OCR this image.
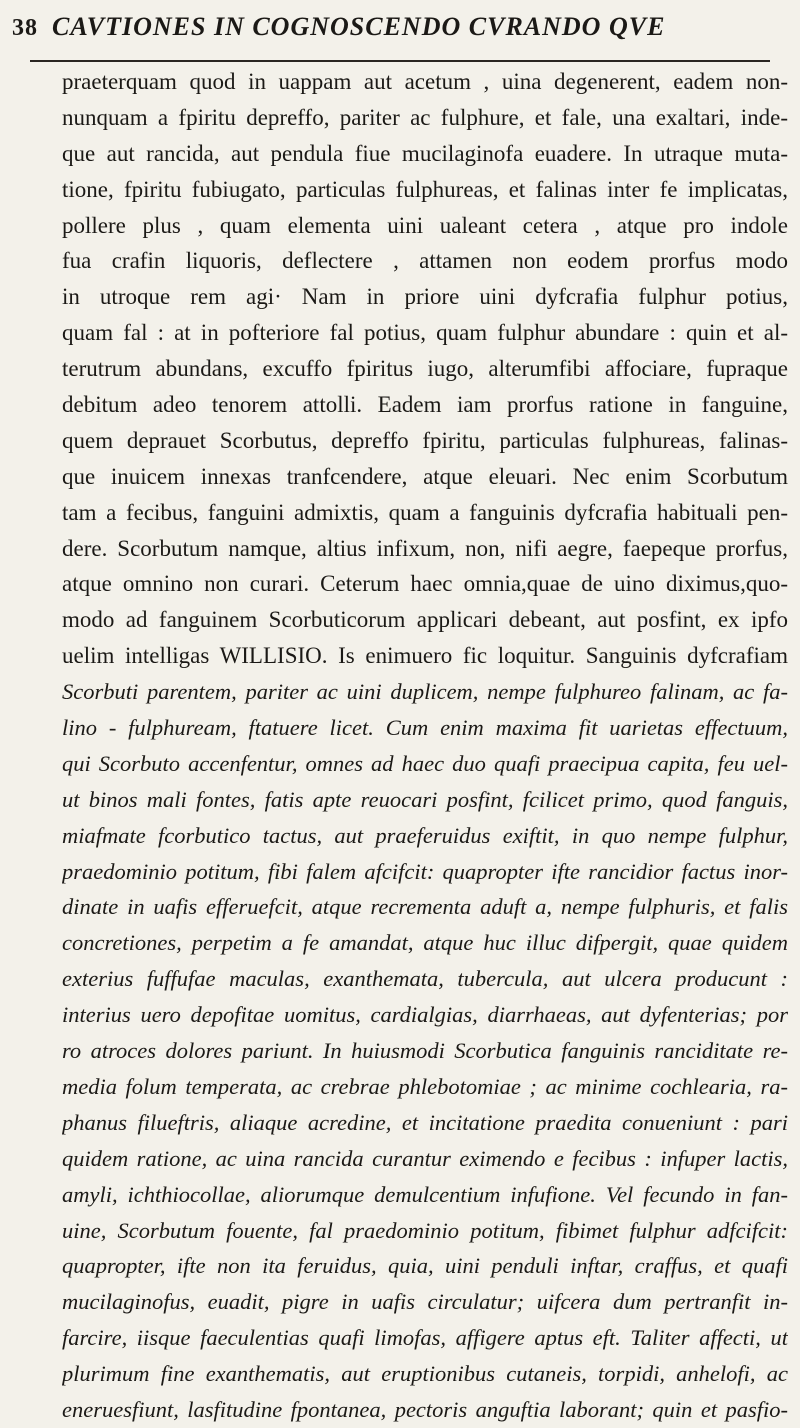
38 CAVTIONES IN COGNOSCENDO CVRANDO QVE
praeterquam quod in uappam aut acetum , uina degenerent, eadem non-
nunquam a fpiritu depreffo, pariter ac fulphure, et fale, una exaltari, inde-
que aut rancida, aut pendula fiue mucilaginofa euadere. In utraque muta-
tione, fpiritu fubiugato, particulas fulphureas, et falinas inter fe implicatas,
pollere plus , quam elementa uini ualeant cetera , atque pro indole
fua crafin liquoris, deflectere , attamen non eodem prorfus modo
in utroque rem agi· Nam in priore uini dyfcrafia fulphur potius,
quam fal : at in pofteriore fal potius, quam fulphur abundare : quin et al-
terutrum abundans, excuffo fpiritus iugo, alterumfibi affociare, fupraque
debitum adeo tenorem attolli. Eadem iam prorfus ratione in fanguine,
quem deprauet Scorbutus, depreffo fpiritu, particulas fulphureas, falinas-
que inuicem innexas tranfcendere, atque eleuari. Nec enim Scorbutum
tam a fecibus, fanguini admixtis, quam a fanguinis dyfcrafia habituali pen-
dere. Scorbutum namque, altius infixum, non, nifi aegre, faepeque prorfus,
atque omnino non curari. Ceterum haec omnia,quae de uino diximus,quo-
modo ad fanguinem Scorbuticorum applicari debeant, aut posfint, ex ipfo
uelim intelligas WILLISIO. Is enimuero fic loquitur. Sanguinis dyfcrafiam
Scorbuti parentem, pariter ac uini duplicem, nempe fulphureo falinam, ac fa-
lino - fulphuream, ftatuere licet. Cum enim maxima fit uarietas effectuum,
qui Scorbuto accenfentur, omnes ad haec duo quafi praecipua capita, feu uel-
ut binos mali fontes, fatis apte reuocari posfint, fcilicet primo, quod fanguis,
miafmate fcorbutico tactus, aut praeferuidus exiftit, in quo nempe fulphur,
praedominio potitum, fibi falem afcifcit: quapropter ifte rancidior factus inor-
dinate in uafis efferuefcit, atque recrementa aduft a, nempe fulphuris, et falis
concretiones, perpetim a fe amandat, atque huc illuc difpergit, quae quidem
exterius fuffufae maculas, exanthemata, tubercula, aut ulcera producunt :
interius uero depofitae uomitus, cardialgias, diarrhaeas, aut dyfenterias; por
ro atroces dolores pariunt. In huiusmodi Scorbutica fanguinis ranciditate re-
media folum temperata, ac crebrae phlebotomiae ; ac minime cochlearia, ra-
phanus filueftris, aliaque acredine, et incitatione praedita conueniunt : pari
quidem ratione, ac uina rancida curantur eximendo e fecibus : infuper lactis,
amyli, ichthiocollae, aliorumque demulcentium infufione. Vel fecundo in fan-
uine, Scorbutum fouente, fal praedominio potitum, fibimet fulphur adfcifcit:
quapropter, ifte non ita feruidus, quia, uini penduli inftar, craffus, et quafi
mucilaginofus, euadit, pigre in uafis circulatur; uifcera dum pertranfit in-
farcire, iisque faeculentias quafi limofas, affigere aptus eft. Taliter affecti, ut
plurimum fine exanthematis, aut eruptionibus cutaneis, torpidi, anhelofi, ac
eneruesfiunt, lasfitudine fpontanea, pectoris anguftia laborant; quin et pasfio-
